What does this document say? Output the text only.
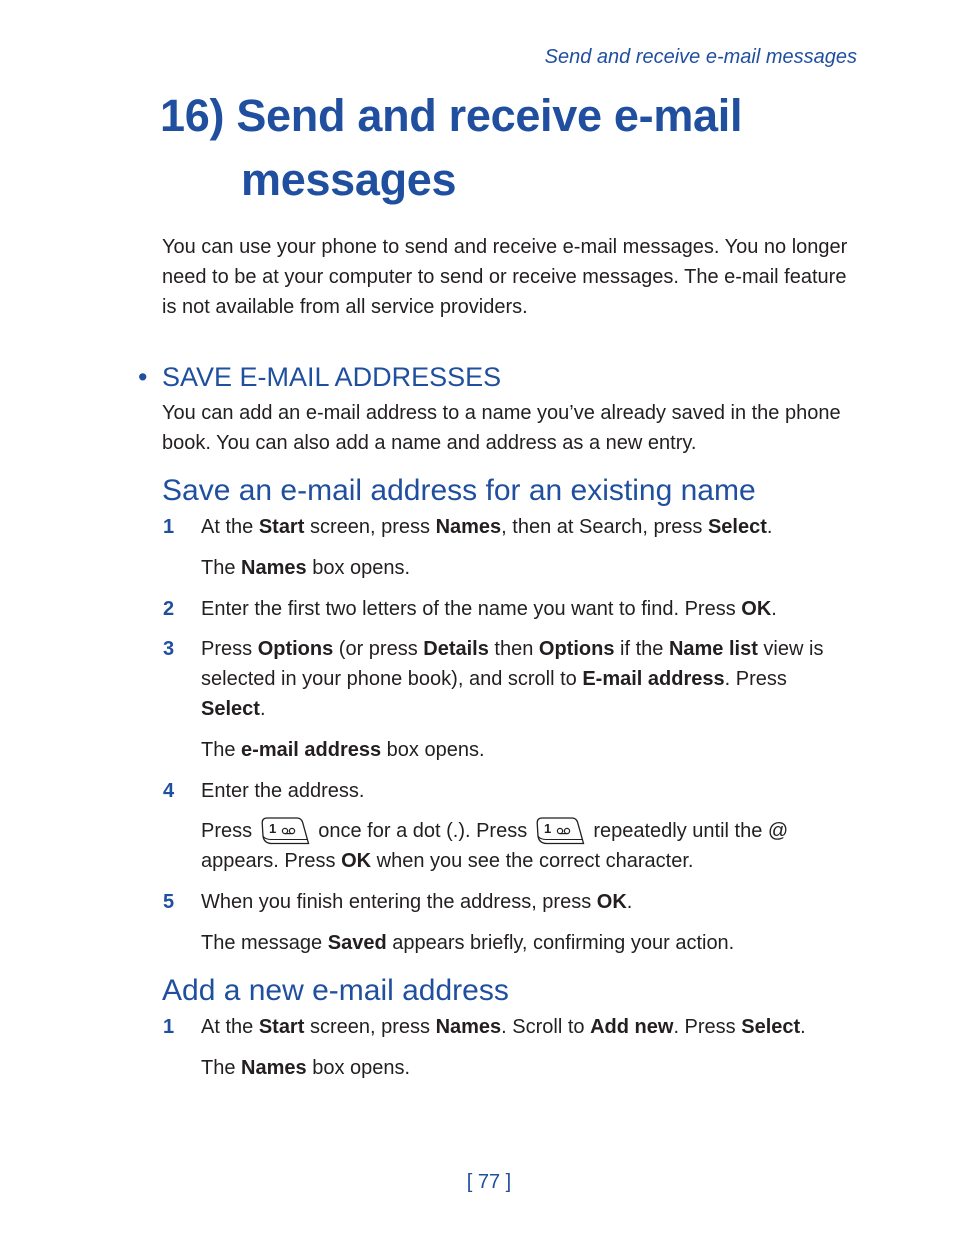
Send and receive e-mail messages
16) Send and receive e-mail
messages
You can use your phone to send and receive e-mail messages. You no longer
need to be at your computer to send or receive messages. The e-mail feature
is not available from all service providers.
• SAVE E-MAIL ADDRESSES
You can add an e-mail address to a name you’ve already saved in the phone
book. You can also add a name and address as a new entry.
Save an e-mail address for an existing name
1 At the Start screen, press Names, then at Search, press Select.
The Names box opens.
2 Enter the first two letters of the name you want to find. Press OK.
3 Press Options (or press Details then Options if the Name list view is
selected in your phone book), and scroll to E-mail address. Press
Select.
The e-mail address box opens.
4 Enter the address.
Press 1 once for a dot (.). Press 1 repeatedly until the @
appears. Press OK when you see the correct character.
5 When you finish entering the address, press OK.
The message Saved appears briefly, confirming your action.
Add a new e-mail address
1 At the Start screen, press Names. Scroll to Add new. Press Select.
The Names box opens.
[ 77 ]
